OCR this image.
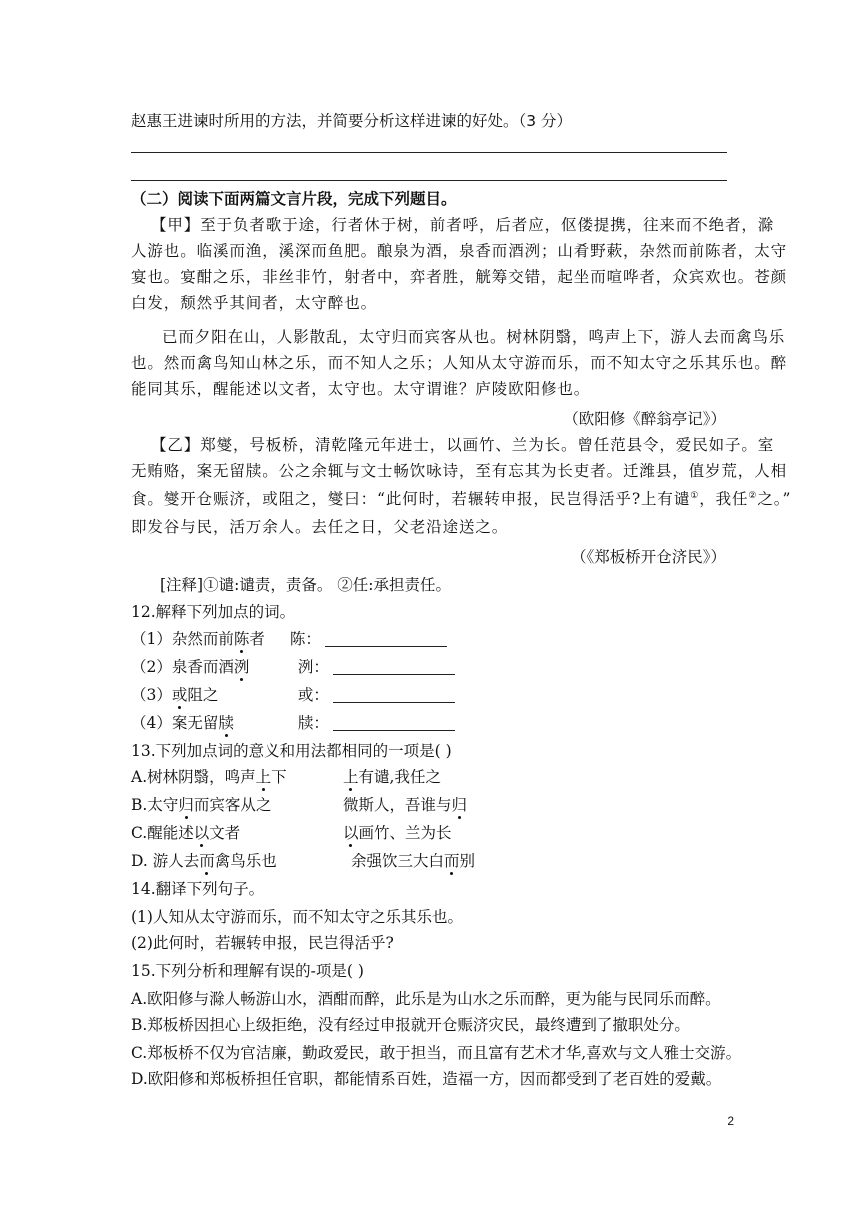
赵惠王进谏时所用的方法，并简要分析这样进谏的好处。（3 分）
（二）阅读下面两篇文言片段，完成下列题目。
【甲】至于负者歌于途，行者休于树，前者呼，后者应，伛偻提携，往来而不绝者，滁
人游也。临溪而渔，溪深而鱼肥。酿泉为酒，泉香而酒洌；山肴野蔌，杂然而前陈者，太守
宴也。宴酣之乐，非丝非竹，射者中，弈者胜，觥筹交错，起坐而喧哗者，众宾欢也。苍颜
白发，颓然乎其间者，太守醉也。
已而夕阳在山，人影散乱，太守归而宾客从也。树林阴翳，鸣声上下，游人去而禽鸟乐
也。然而禽鸟知山林之乐，而不知人之乐；人知从太守游而乐，而不知太守之乐其乐也。醉
能同其乐，醒能述以文者，太守也。太守谓谁？庐陵欧阳修也。
（欧阳修《醉翁亭记》）
【乙】郑燮，号板桥，清乾隆元年进士，以画竹、兰为长。曾任范县令，爱民如子。室
无贿赂，案无留牍。公之余辄与文士畅饮咏诗，至有忘其为长吏者。迁潍县，值岁荒，人相
食。燮开仓赈济，或阻之，燮曰：“此何时，若辗转申报，民岂得活乎?上有谴①，我任②之。”
即发谷与民，活万余人。去任之日，父老沿途送之。
（《郑板桥开仓济民》）
[注释]①谴:谴责，责备。 ②任:承担责任。
12.解释下列加点的词。
（1）杂然而前陈者 陈：
（2）泉香而酒洌	洌：
（3）或阻之	或：
（4）案无留牍	牍：
13.下列加点词的意义和用法都相同的一项是( )
A.树林阴翳，鸣声上下	上有谴,我任之
B.太守归而宾客从之	微斯人，吾谁与归
C.醒能述以文者	以画竹、兰为长
D. 游人去而禽鸟乐也	余强饮三大白而别
14.翻译下列句子。
(1)人知从太守游而乐，而不知太守之乐其乐也。
(2)此何时，若辗转申报，民岂得活乎?
15.下列分析和理解有误的-项是( )
A.欧阳修与滁人畅游山水，酒酣而醉，此乐是为山水之乐而醉，更为能与民同乐而醉。
B.郑板桥因担心上级拒绝，没有经过申报就开仓赈济灾民，最终遭到了撤职处分。
C.郑板桥不仅为官洁廉，勤政爱民，敢于担当，而且富有艺术才华,喜欢与文人雅士交游。
D.欧阳修和郑板桥担任官职，都能情系百姓，造福一方，因而都受到了老百姓的爱戴。
2
